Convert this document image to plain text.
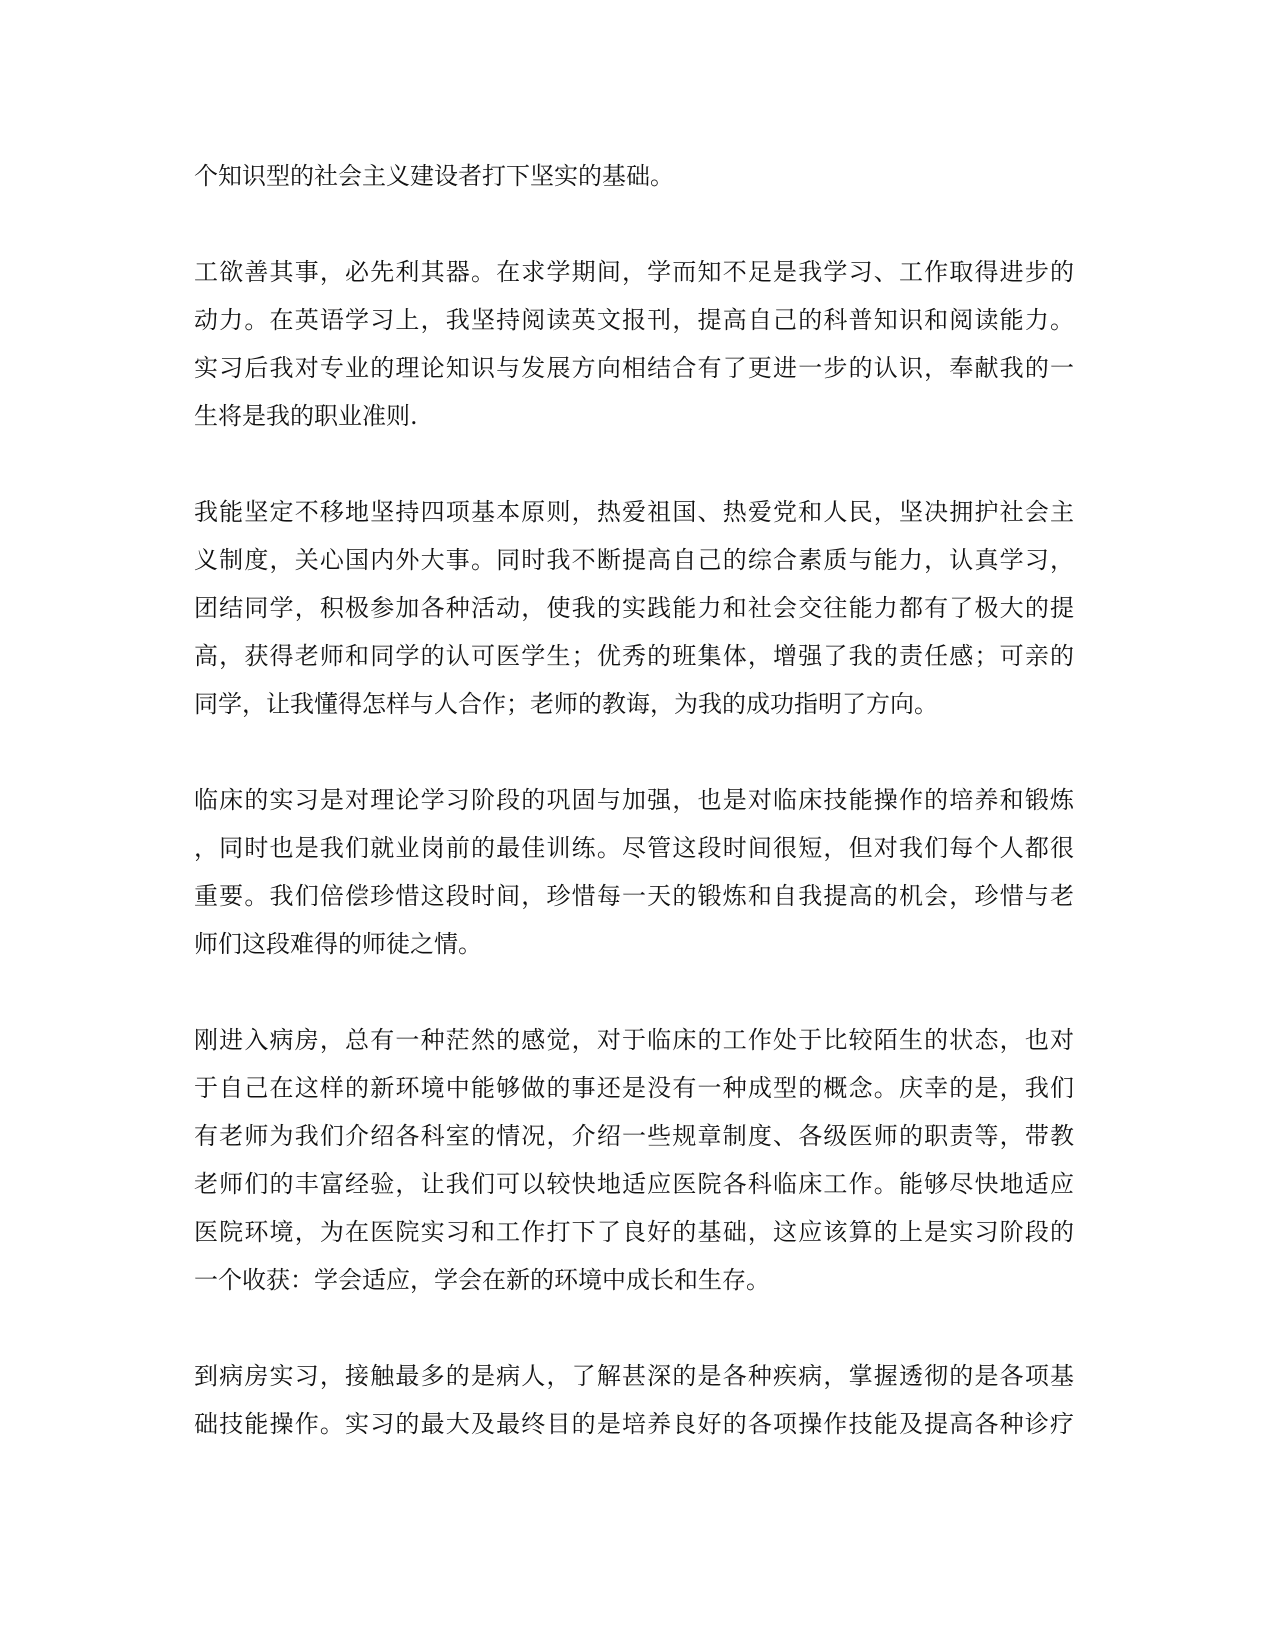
个知识型的社会主义建设者打下坚实的基础。
工欲善其事，必先利其器。在求学期间，学而知不足是我学习、工作取得进步的
动力。在英语学习上，我坚持阅读英文报刊，提高自己的科普知识和阅读能力。
实习后我对专业的理论知识与发展方向相结合有了更进一步的认识，奉献我的一
生将是我的职业准则.
我能坚定不移地坚持四项基本原则，热爱祖国、热爱党和人民，坚决拥护社会主
义制度，关心国内外大事。同时我不断提高自己的综合素质与能力，认真学习，
团结同学，积极参加各种活动，使我的实践能力和社会交往能力都有了极大的提
高，获得老师和同学的认可医学生；优秀的班集体，增强了我的责任感；可亲的
同学，让我懂得怎样与人合作；老师的教诲，为我的成功指明了方向。
临床的实习是对理论学习阶段的巩固与加强，也是对临床技能操作的培养和锻炼
，同时也是我们就业岗前的最佳训练。尽管这段时间很短，但对我们每个人都很
重要。我们倍偿珍惜这段时间，珍惜每一天的锻炼和自我提高的机会，珍惜与老
师们这段难得的师徒之情。
刚进入病房，总有一种茫然的感觉，对于临床的工作处于比较陌生的状态，也对
于自己在这样的新环境中能够做的事还是没有一种成型的概念。庆幸的是，我们
有老师为我们介绍各科室的情况，介绍一些规章制度、各级医师的职责等，带教
老师们的丰富经验，让我们可以较快地适应医院各科临床工作。能够尽快地适应
医院环境，为在医院实习和工作打下了良好的基础，这应该算的上是实习阶段的
一个收获：学会适应，学会在新的环境中成长和生存。
到病房实习，接触最多的是病人，了解甚深的是各种疾病，掌握透彻的是各项基
础技能操作。实习的最大及最终目的是培养良好的各项操作技能及提高各种诊疗
